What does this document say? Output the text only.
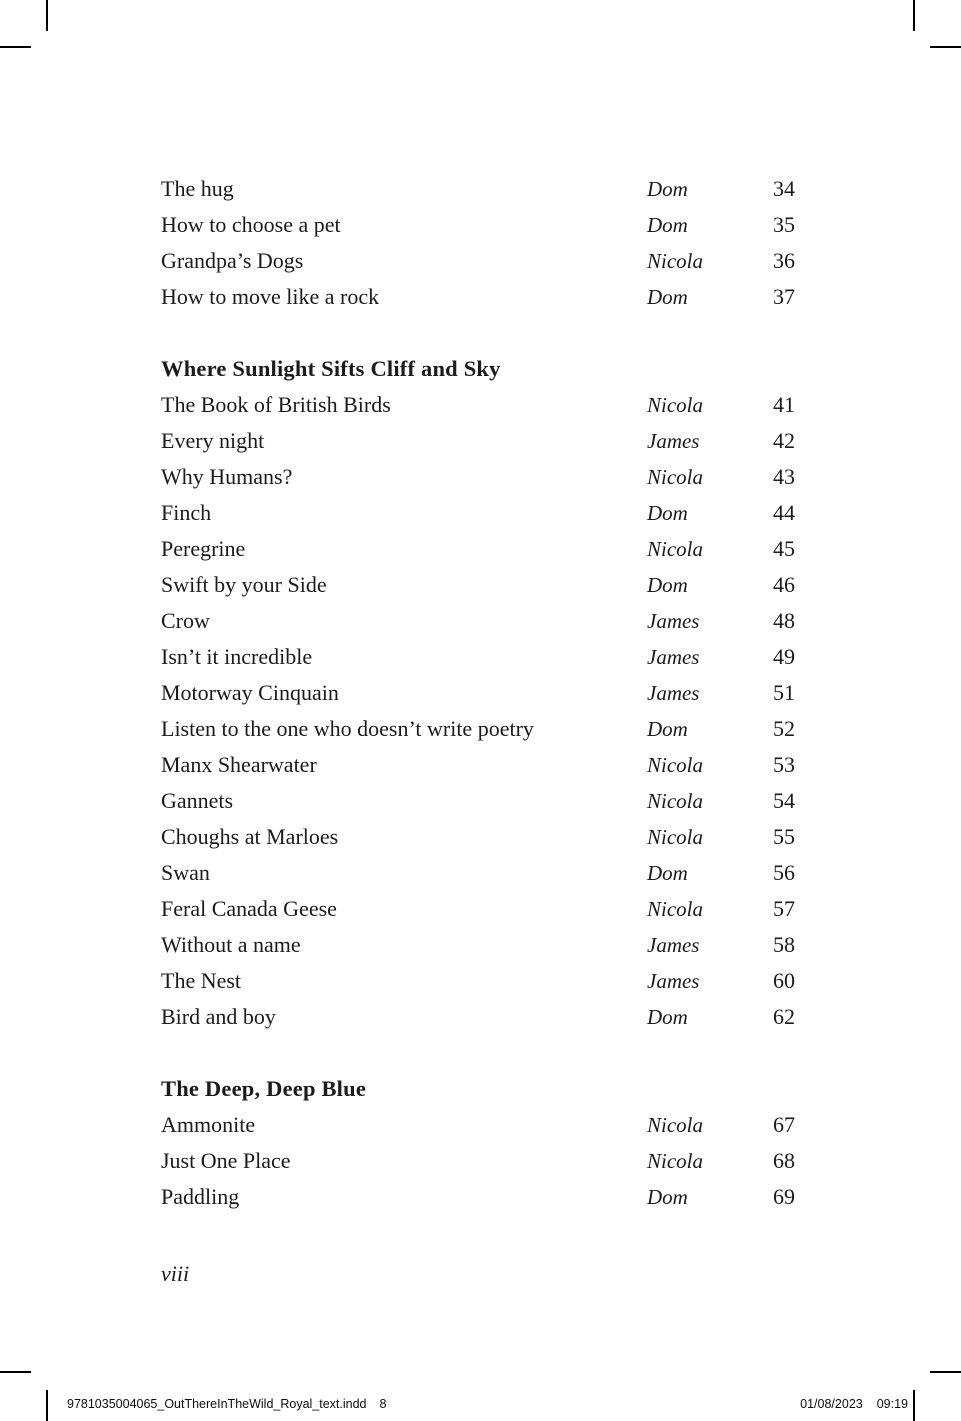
The hug	Dom	34
How to choose a pet	Dom	35
Grandpa’s Dogs	Nicola	36
How to move like a rock	Dom	37
Where Sunlight Sifts Cliff and Sky
The Book of British Birds	Nicola	41
Every night	James	42
Why Humans?	Nicola	43
Finch	Dom	44
Peregrine	Nicola	45
Swift by your Side	Dom	46
Crow	James	48
Isn’t it incredible	James	49
Motorway Cinquain	James	51
Listen to the one who doesn’t write poetry	Dom	52
Manx Shearwater	Nicola	53
Gannets	Nicola	54
Choughs at Marloes	Nicola	55
Swan	Dom	56
Feral Canada Geese	Nicola	57
Without a name	James	58
The Nest	James	60
Bird and boy	Dom	62
The Deep, Deep Blue
Ammonite	Nicola	67
Just One Place	Nicola	68
Paddling	Dom	69
viii
9781035004065_OutThereInTheWild_Royal_text.indd 8	01/08/2023 09:19
